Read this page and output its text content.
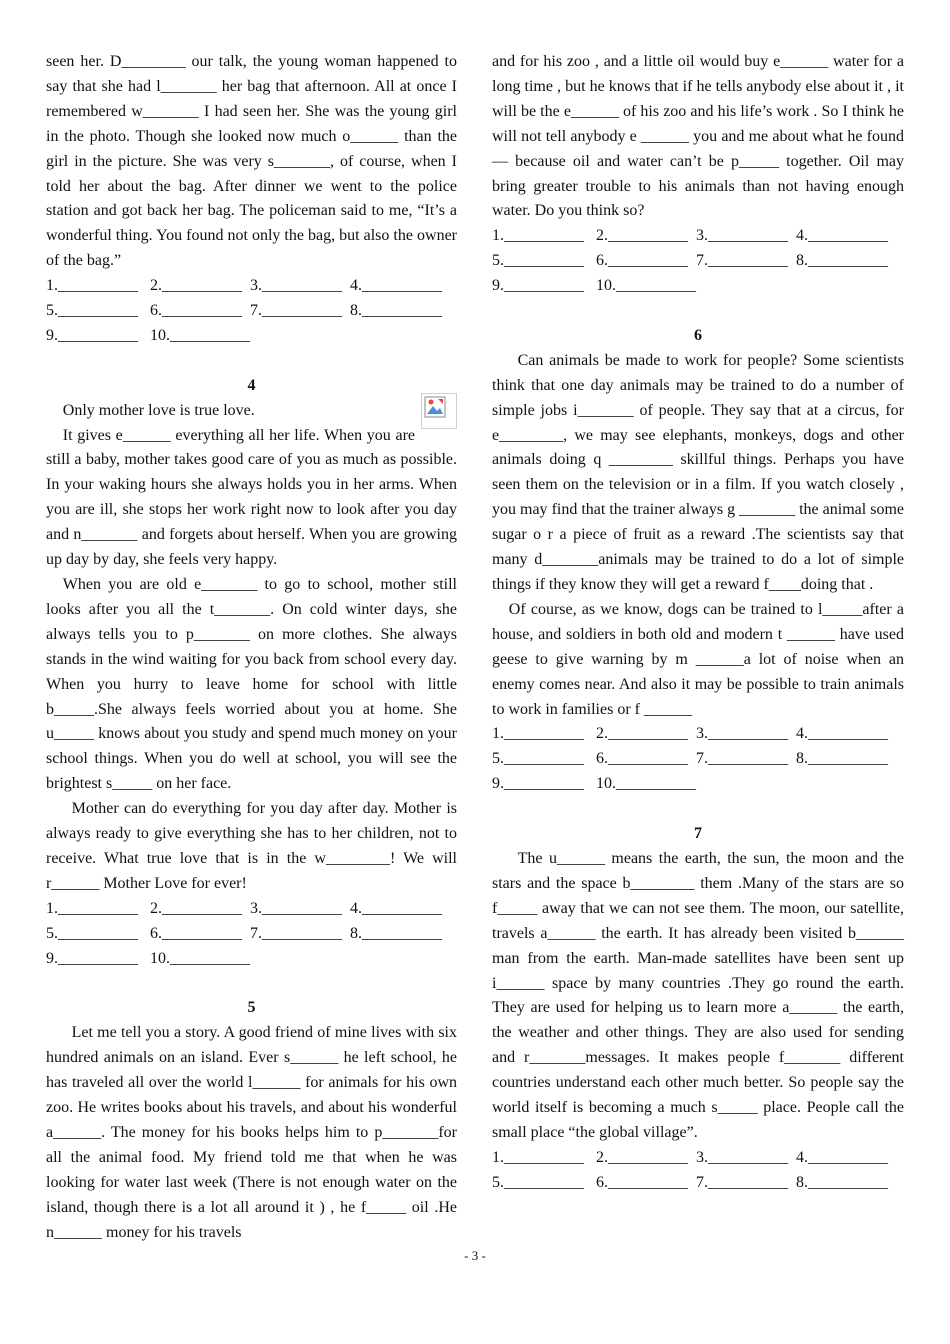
seen her. D________ our talk, the young woman happened to say that she had l_______ her bag that afternoon. All at once I remembered w_______ I had seen her. She was the young girl in the photo. Though she looked now much o______ than the girl in the picture. She was very s_______, of course, when I told her about the bag. After dinner we went to the police station and got back her bag. The policeman said to me, “It’s a wonderful thing. You found not only the bag, but also the owner of the bag.”

1.__________   2.__________  3.__________  4.__________

5.__________   6.__________  7.__________  8.__________

9.__________   10.__________

4

Only mother love is true love.

It gives e______ everything all her life. When you are still a baby, mother takes good care of you as much as possible. In your waking hours she always holds you in her arms. When you are ill, she stops her work right now to look after you day and n_______ and forgets about herself. When you are growing up day by day, she feels very happy.

When you are old e_______ to go to school, mother still looks after you all the t_______. On cold winter days, she always tells you to p_______ on more clothes. She always stands in the wind waiting for you back from school every day. When you hurry to leave home for school with little b_____.She always feels worried about you at home. She u_____ knows about you study and spend much money on your school things. When you do well at school, you will see the brightest s_____ on her face.

Mother can do everything for you day after day. Mother is always ready to give everything she has to her children, not to receive. What true love that is in the w________! We will r______ Mother Love for ever!

1.__________   2.__________  3.__________  4.__________

5.__________   6.__________  7.__________  8.__________

9.__________   10.__________

5

Let me tell you a story. A good friend of mine lives with six hundred animals on an island. Ever s______ he left school, he has traveled all over the world l______ for animals for his own zoo. He writes books about his travels, and about his wonderful a______. The money for his books helps him to p_______for all the animal food. My friend told me that when he was looking for water last week (There is not enough water on the island, though there is a lot all around it ) , he f_____ oil .He n______ money for his travels

and for his zoo , and a little oil would buy e______ water for a long time , but he knows that if he tells anybody else about it , it will be the e______ of his zoo and his life’s work . So I think he will not tell anybody e ______ you and me about what he found — because oil and water can’t be p_____ together. Oil may bring greater trouble to his animals than not having enough water. Do you think so?

1.__________   2.__________  3.__________  4.__________

5.__________   6.__________  7.__________  8.__________

9.__________   10.__________

6

Can animals be made to work for people? Some scientists think that one day animals may be trained to do a number of simple jobs i_______ of people. They say that at a circus, for e________, we may see elephants, monkeys, dogs and other animals doing q ________ skillful things. Perhaps you have seen them on the television or in a film. If you watch closely , you may find that the trainer always g _______ the animal some sugar o r a piece of fruit as a reward .The scientists say that many d_______animals may be trained to do a lot of simple things if they know they will get a reward f____doing that .

Of course, as we know, dogs can be trained to l_____after a house, and soldiers in both old and modern t ______ have used geese to give warning by m ______a lot of noise when an enemy comes near. And also it may be possible to train animals to work in families or f ______

1.__________   2.__________  3.__________  4.__________

5.__________   6.__________  7.__________  8.__________

9.__________   10.__________

7

The u______ means the earth, the sun, the moon and the stars and the space b________ them .Many of the stars are so f_____ away that we can not see them. The moon, our satellite, travels a______ the earth. It has already been visited b______ man from the earth. Man-made satellites have been sent up i______ space by many countries .They go round the earth. They are used for helping us to learn more a______ the earth, the weather and other things. They are also used for sending and r_______messages. It makes people f_______ different countries understand each other much better. So people say the world itself is becoming a much s_____ place. People call the small place “the global village”.

1.__________   2.__________  3.__________  4.__________

5.__________   6.__________  7.__________  8.__________

- 3 -
